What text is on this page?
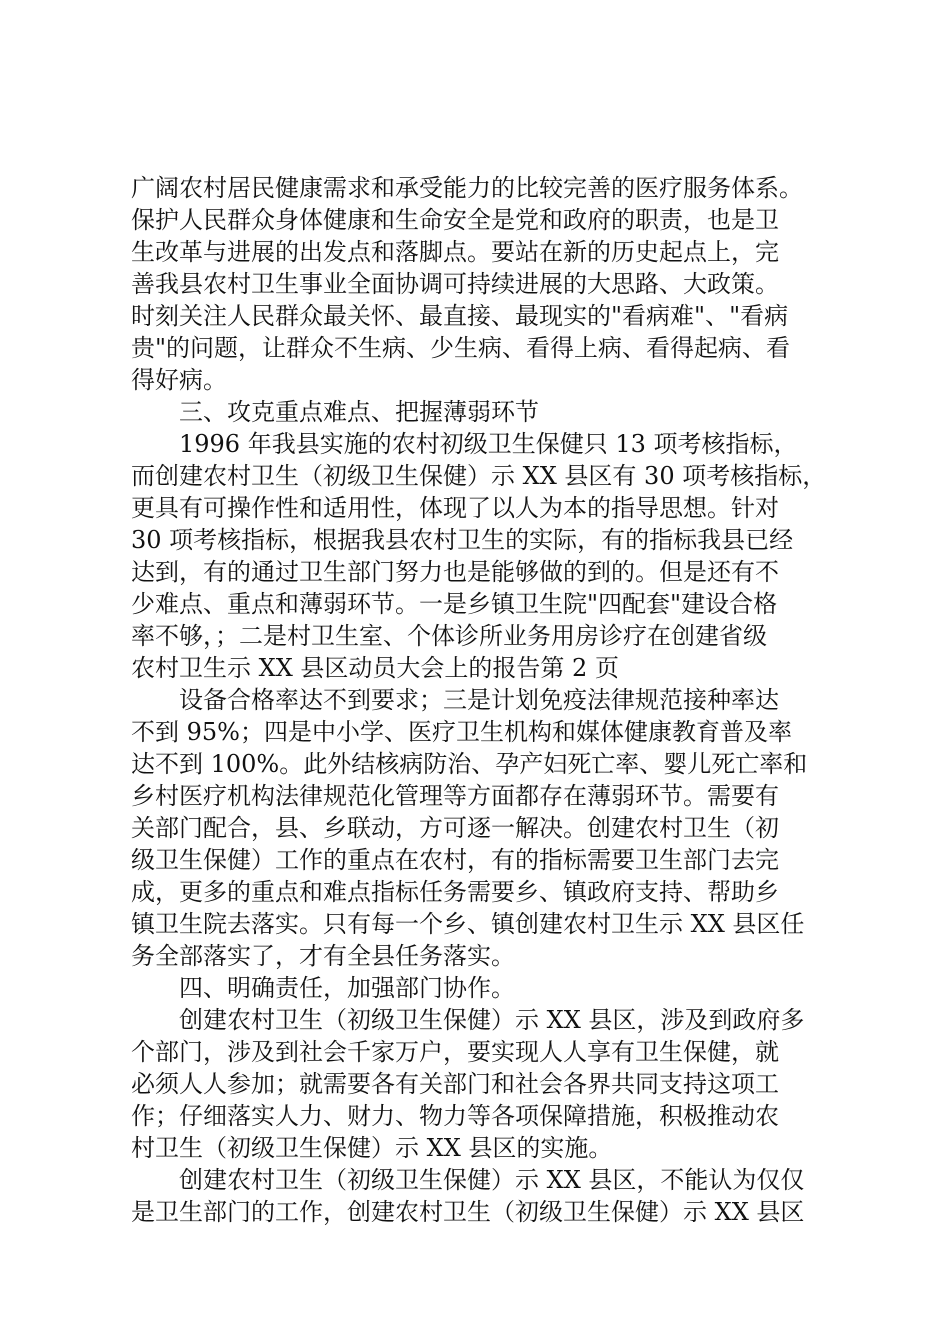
广阔农村居民健康需求和承受能力的比较完善的医疗服务体系。
保护人民群众身体健康和生命安全是党和政府的职责，也是卫
生改革与进展的出发点和落脚点。要站在新的历史起点上，完
善我县农村卫生事业全面协调可持续进展的大思路、大政策。
时刻关注人民群众最关怀、最直接、最现实的"看病难"、"看病
贵"的问题，让群众不生病、少生病、看得上病、看得起病、看
得好病。
三、攻克重点难点、把握薄弱环节
1996 年我县实施的农村初级卫生保健只 13 项考核指标，
而创建农村卫生（初级卫生保健）示 XX 县区有 30 项考核指标，
更具有可操作性和适用性，体现了以人为本的指导思想。针对
30 项考核指标，根据我县农村卫生的实际，有的指标我县已经
达到，有的通过卫生部门努力也是能够做的到的。但是还有不
少难点、重点和薄弱环节。一是乡镇卫生院"四配套"建设合格
率不够，；二是村卫生室、个体诊所业务用房诊疗在创建省级
农村卫生示 XX 县区动员大会上的报告第 2 页
设备合格率达不到要求；三是计划免疫法律规范接种率达
不到 95%；四是中小学、医疗卫生机构和媒体健康教育普及率
达不到 100%。此外结核病防治、孕产妇死亡率、婴儿死亡率和
乡村医疗机构法律规范化管理等方面都存在薄弱环节。需要有
关部门配合，县、乡联动，方可逐一解决。创建农村卫生（初
级卫生保健）工作的重点在农村，有的指标需要卫生部门去完
成，更多的重点和难点指标任务需要乡、镇政府支持、帮助乡
镇卫生院去落实。只有每一个乡、镇创建农村卫生示 XX 县区任
务全部落实了，才有全县任务落实。
四、明确责任，加强部门协作。
创建农村卫生（初级卫生保健）示 XX 县区，涉及到政府多
个部门，涉及到社会千家万户，要实现人人享有卫生保健，就
必须人人参加；就需要各有关部门和社会各界共同支持这项工
作；仔细落实人力、财力、物力等各项保障措施，积极推动农
村卫生（初级卫生保健）示 XX 县区的实施。
创建农村卫生（初级卫生保健）示 XX 县区，不能认为仅仅
是卫生部门的工作，创建农村卫生（初级卫生保健）示 XX 县区
